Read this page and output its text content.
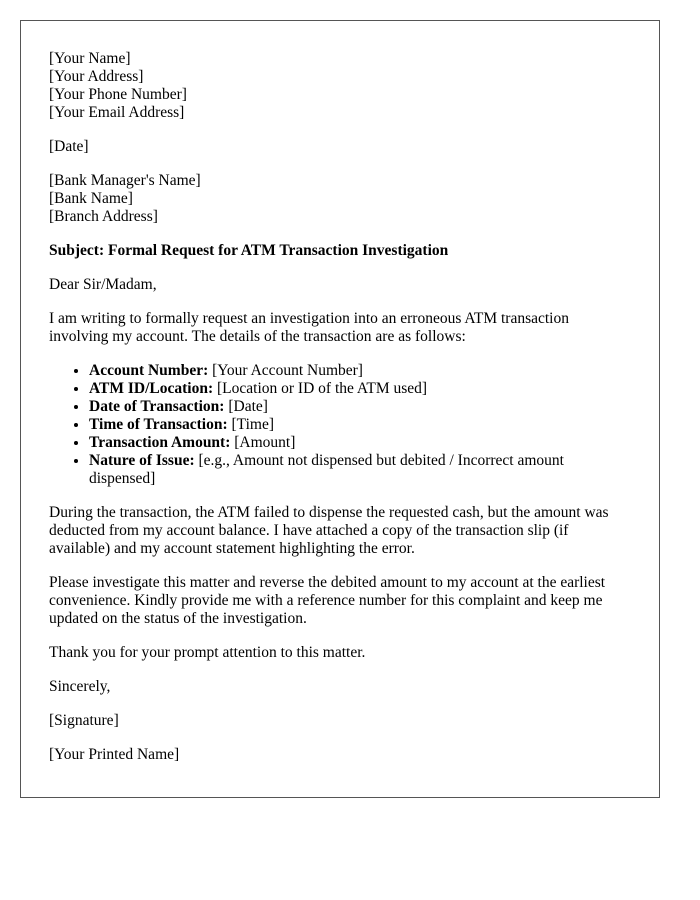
[Your Name]
[Your Address]
[Your Phone Number]
[Your Email Address]

[Date]

[Bank Manager's Name]
[Bank Name]
[Branch Address]

Subject: Formal Request for ATM Transaction Investigation

Dear Sir/Madam,

I am writing to formally request an investigation into an erroneous ATM transaction involving my account. The details of the transaction are as follows:

• Account Number: [Your Account Number]
• ATM ID/Location: [Location or ID of the ATM used]
• Date of Transaction: [Date]
• Time of Transaction: [Time]
• Transaction Amount: [Amount]
• Nature of Issue: [e.g., Amount not dispensed but debited / Incorrect amount dispensed]

During the transaction, the ATM failed to dispense the requested cash, but the amount was deducted from my account balance. I have attached a copy of the transaction slip (if available) and my account statement highlighting the error.

Please investigate this matter and reverse the debited amount to my account at the earliest convenience. Kindly provide me with a reference number for this complaint and keep me updated on the status of the investigation.

Thank you for your prompt attention to this matter.

Sincerely,

[Signature]

[Your Printed Name]
